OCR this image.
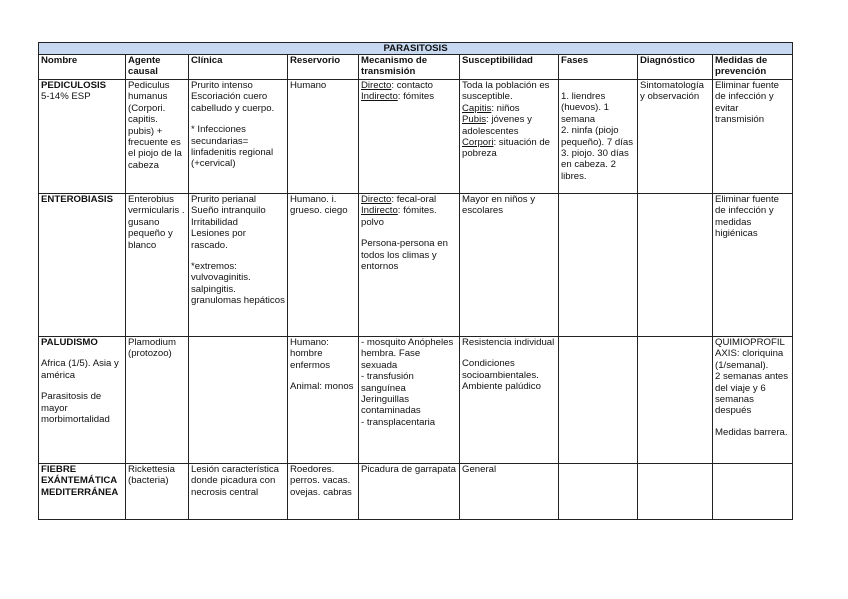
PARASITOSIS								
Nombre	Agente causal	Clínica	Reservorio	Mecanismo de transmisión	Susceptibilidad	Fases	Diagnóstico	Medidas de prevención

PEDICULOSIS
5-14% ESP	Pediculus humanus (Corpori. capitis. pubis) + frecuente es el piojo de la cabeza	Prurito intenso
Escoriación cuero cabelludo y cuerpo.
* Infecciones secundarias= linfadenitis regional (+cervical)	Humano	Directo: contacto
Indirecto: fómites	Toda la población es susceptible.
Capitis: niños
Pubis: jóvenes y adolescentes
Corpori: situación de pobreza	1. liendres (huevos). 1 semana
2. ninfa (piojo pequeño). 7 días
3. piojo. 30 días en cabeza. 2 libres.	Sintomatología y observación	Eliminar fuente de infección y evitar transmisión

ENTEROBIASIS	Enterobius vermicularis . gusano pequeño y blanco	Prurito perianal
Sueño intranquilo
Irritabilidad
Lesiones por rascado.
*extremos: vulvovaginitis. salpingitis. granulomas hepáticos	Humano. i. grueso. ciego	Directo: fecal-oral
Indirecto: fómites. polvo
Persona-persona en todos los climas y entornos	Mayor en niños y escolares			Eliminar fuente de infección y medidas higiénicas

PALUDISMO
Africa (1/5). Asia y américa
Parasitosis de mayor morbimortalidad	Plamodium (protozoo)		Humano: hombre enfermos
Animal: monos	- mosquito Anópheles hembra. Fase sexuada
- transfusión sanguínea
Jeringuillas contaminadas
- transplacentaria	Resistencia individual
Condiciones socioambientales. Ambiente palúdico			QUIMIOPROFILAXIS: cloriquina (1/semanal).
2 semanas antes del viaje y 6 semanas después
Medidas barrera.

FIEBRE EXÁNTEMÁTICA MEDITERRÁNEA	Rickettesia (bacteria)	Lesión característica donde picadura con necrosis central	Roedores. perros. vacas. ovejas. cabras	Picadura de garrapata	General			
